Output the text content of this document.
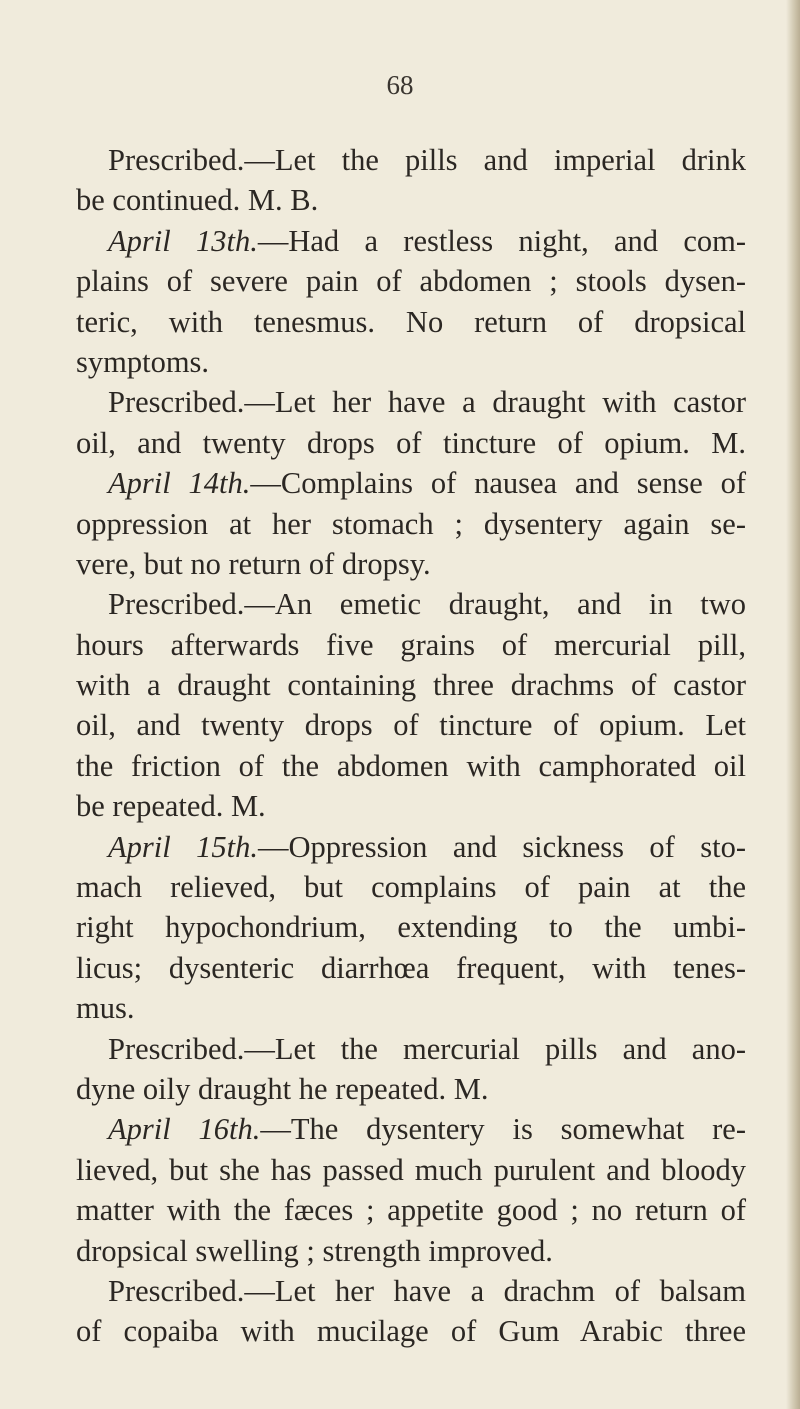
68
Prescribed.—Let the pills and imperial drink
be continued. M. B.
April 13th.—Had a restless night, and com-
plains of severe pain of abdomen ; stools dysen-
teric, with tenesmus. No return of dropsical
symptoms.
Prescribed.—Let her have a draught with castor
oil, and twenty drops of tincture of opium. M.
April 14th.—Complains of nausea and sense of
oppression at her stomach ; dysentery again se-
vere, but no return of dropsy.
Prescribed.—An emetic draught, and in two
hours afterwards five grains of mercurial pill,
with a draught containing three drachms of castor
oil, and twenty drops of tincture of opium. Let
the friction of the abdomen with camphorated oil
be repeated. M.
April 15th.—Oppression and sickness of sto-
mach relieved, but complains of pain at the
right hypochondrium, extending to the umbi-
licus; dysenteric diarrhœa frequent, with tenes-
mus.
Prescribed.—Let the mercurial pills and ano-
dyne oily draught he repeated. M.
April 16th.—The dysentery is somewhat re-
lieved, but she has passed much purulent and bloody
matter with the fæces ; appetite good ; no return of
dropsical swelling ; strength improved.
Prescribed.—Let her have a drachm of balsam
of copaiba with mucilage of Gum Arabic three
